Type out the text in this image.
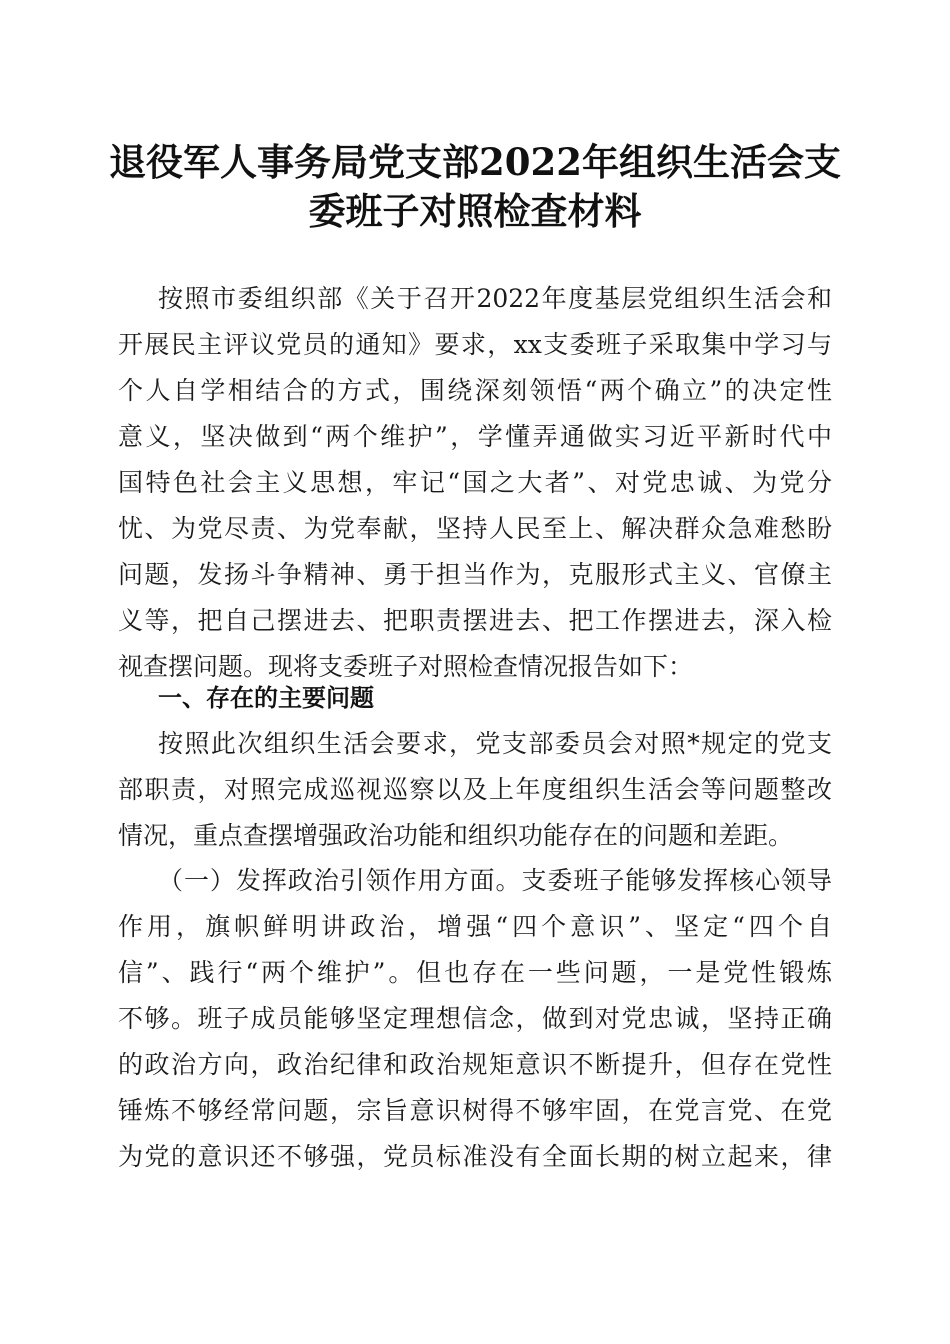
退役军人事务局党支部2022年组织生活会支
委班子对照检查材料
按照市委组织部《关于召开2022年度基层党组织生活会和
开展民主评议党员的通知》要求，xx支委班子采取集中学习与
个人自学相结合的方式，围绕深刻领悟“两个确立”的决定性
意义，坚决做到“两个维护”，学懂弄通做实习近平新时代中
国特色社会主义思想，牢记“国之大者”、对党忠诚、为党分
忧、为党尽责、为党奉献，坚持人民至上、解决群众急难愁盼
问题，发扬斗争精神、勇于担当作为，克服形式主义、官僚主
义等，把自己摆进去、把职责摆进去、把工作摆进去，深入检
视查摆问题。现将支委班子对照检查情况报告如下：
一、存在的主要问题
按照此次组织生活会要求，党支部委员会对照*规定的党支
部职责，对照完成巡视巡察以及上年度组织生活会等问题整改
情况，重点查摆增强政治功能和组织功能存在的问题和差距。
（一）发挥政治引领作用方面。支委班子能够发挥核心领导
作用，旗帜鲜明讲政治，增强“四个意识”、坚定“四个自
信”、践行“两个维护”。但也存在一些问题，一是党性锻炼
不够。班子成员能够坚定理想信念，做到对党忠诚，坚持正确
的政治方向，政治纪律和政治规矩意识不断提升，但存在党性
锤炼不够经常问题，宗旨意识树得不够牢固，在党言党、在党
为党的意识还不够强，党员标准没有全面长期的树立起来，律
